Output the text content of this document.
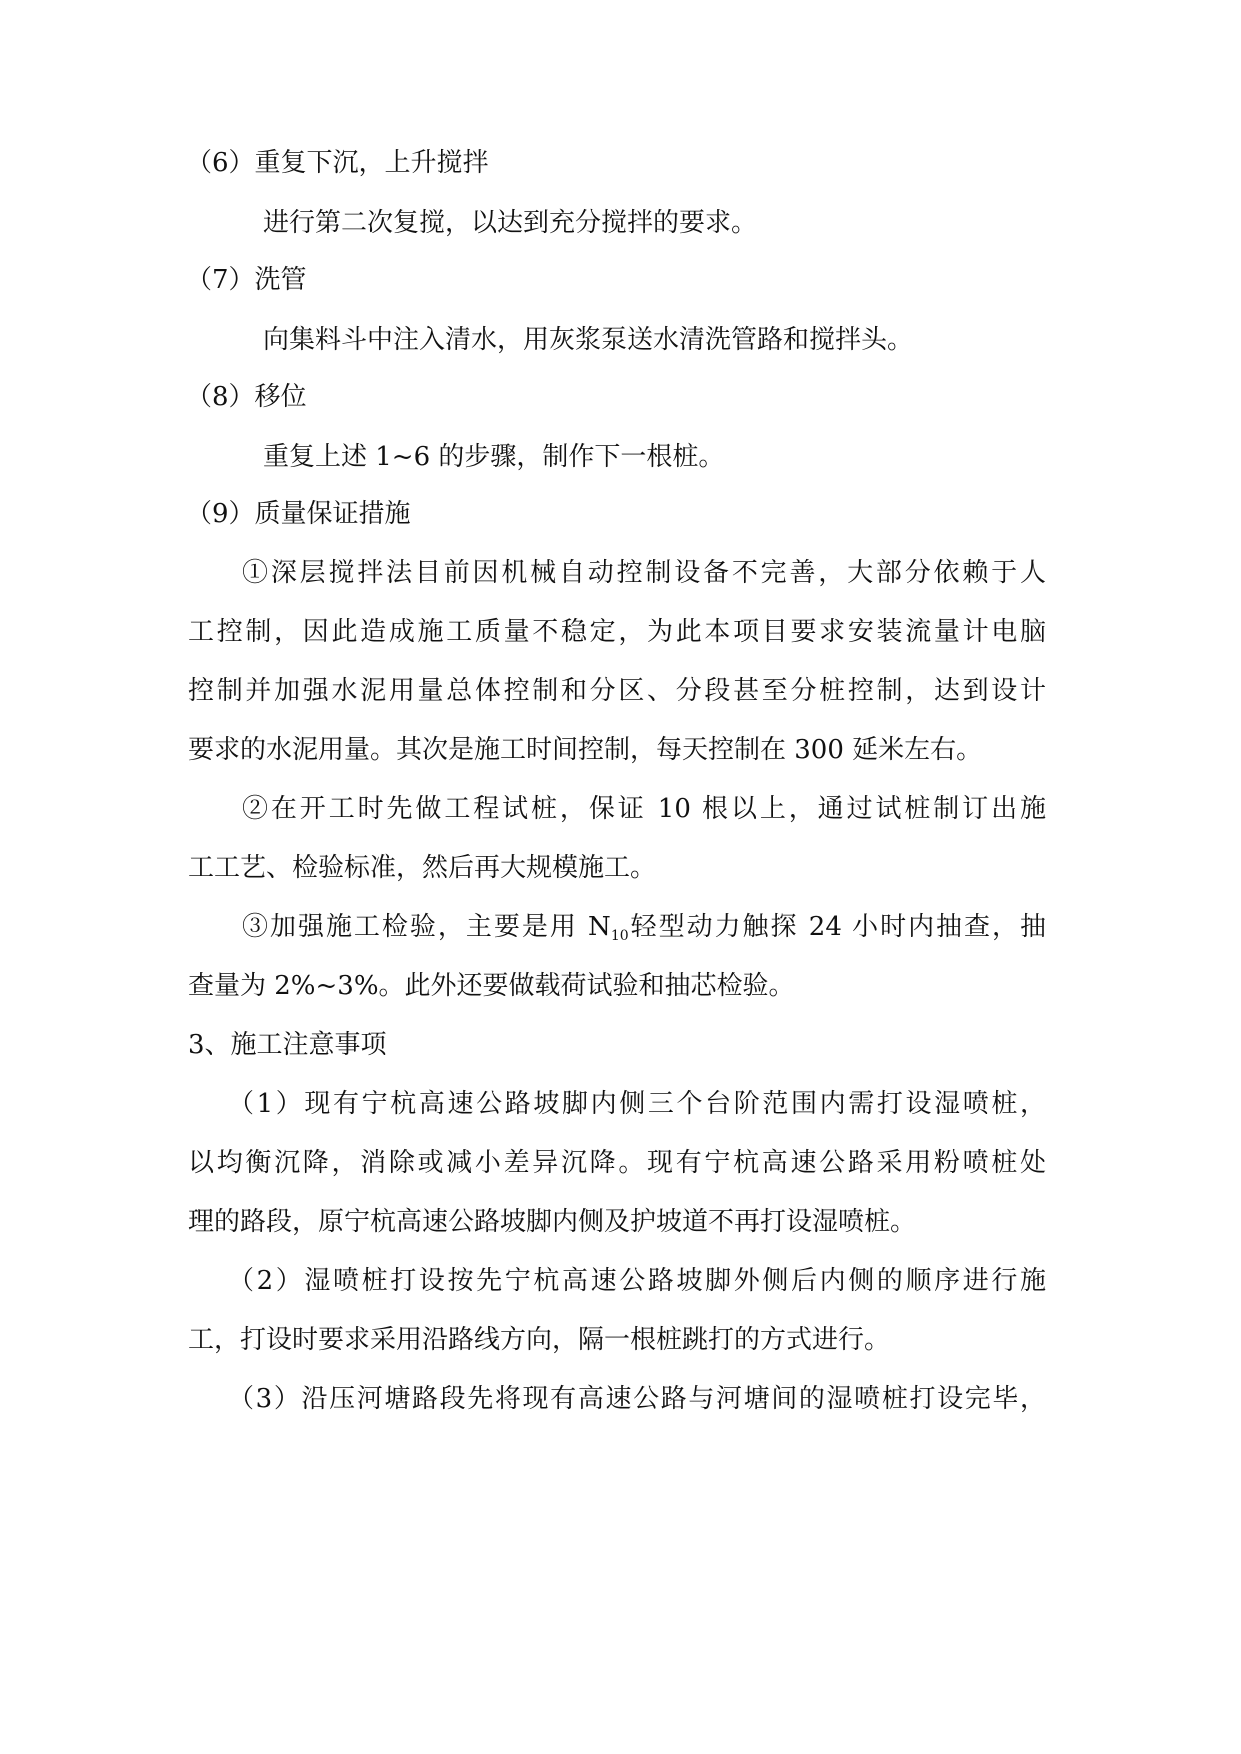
（6）重复下沉，上升搅拌
进行第二次复搅，以达到充分搅拌的要求。
（7）洗管
向集料斗中注入清水，用灰浆泵送水清洗管路和搅拌头。
（8）移位
重复上述 1~6 的步骤，制作下一根桩。
（9）质量保证措施
①深层搅拌法目前因机械自动控制设备不完善，大部分依赖于人
工控制，因此造成施工质量不稳定，为此本项目要求安装流量计电脑
控制并加强水泥用量总体控制和分区、分段甚至分桩控制，达到设计
要求的水泥用量。其次是施工时间控制，每天控制在 300 延米左右。
②在开工时先做工程试桩，保证 10 根以上，通过试桩制订出施
工工艺、检验标准，然后再大规模施工。
③加强施工检验，主要是用 N10轻型动力触探 24 小时内抽查，抽
查量为 2%~3%。此外还要做载荷试验和抽芯检验。
3、施工注意事项
（1）现有宁杭高速公路坡脚内侧三个台阶范围内需打设湿喷桩，
以均衡沉降，消除或减小差异沉降。现有宁杭高速公路采用粉喷桩处
理的路段，原宁杭高速公路坡脚内侧及护坡道不再打设湿喷桩。
（2）湿喷桩打设按先宁杭高速公路坡脚外侧后内侧的顺序进行施
工，打设时要求采用沿路线方向，隔一根桩跳打的方式进行。
（3）沿压河塘路段先将现有高速公路与河塘间的湿喷桩打设完毕，
